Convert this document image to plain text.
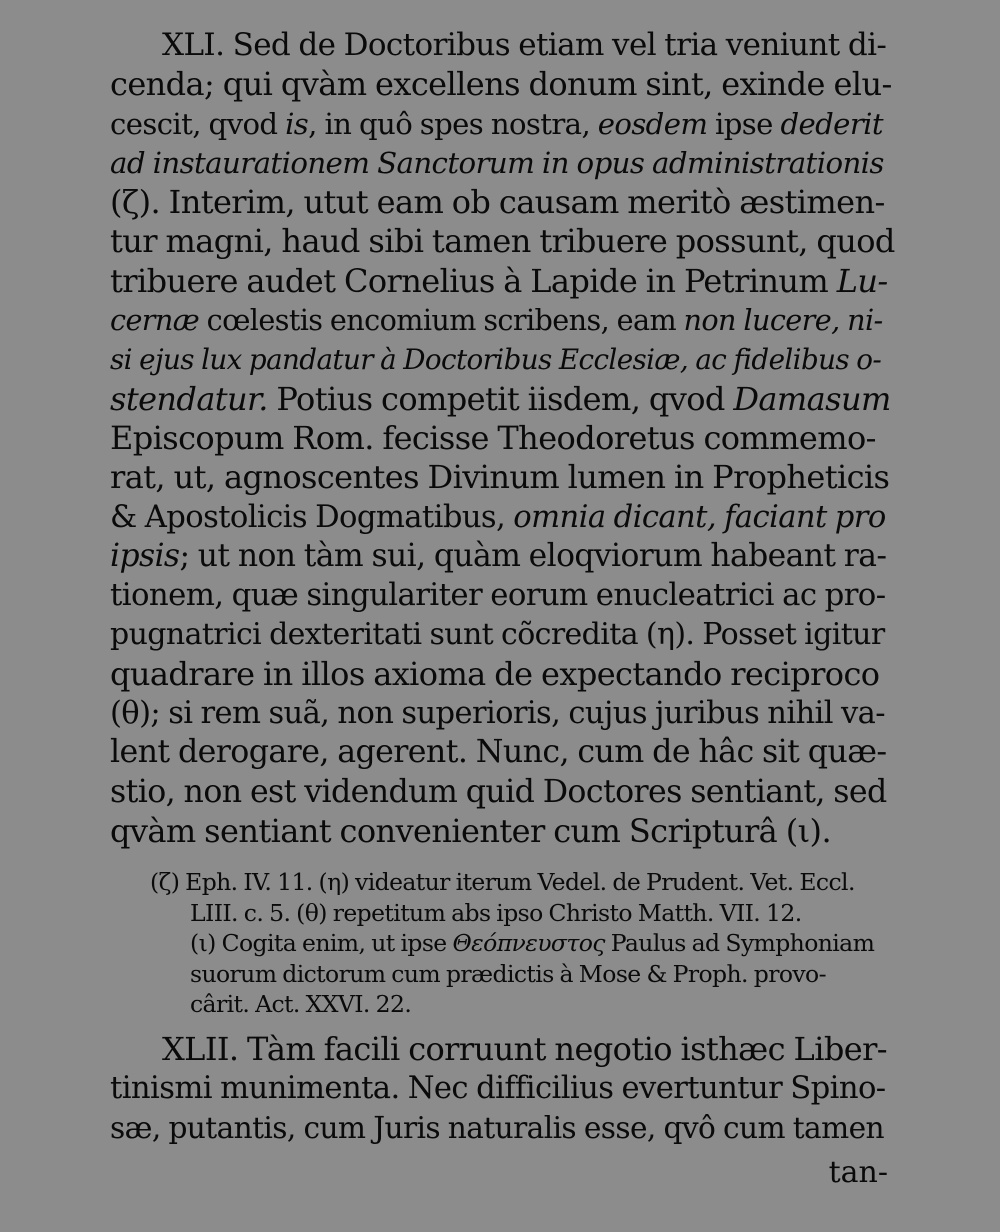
XLI. Sed de Doctoribus etiam vel tria veniunt di-
cenda; qui qvàm excellens donum sint, exinde elu-
cescit, qvod is, in quô spes nostra, eosdem ipse dederit
ad instaurationem Sanctorum in opus administrationis
(ζ). Interim, utut eam ob causam meritò æstimen-
tur magni, haud sibi tamen tribuere possunt, quod
tribuere audet Cornelius à Lapide in Petrinum Lu-
cernæ cœlestis encomium scribens, eam non lucere, ni-
si ejus lux pandatur à Doctoribus Ecclesiæ, ac fidelibus o-
stendatur. Potius competit iisdem, qvod Damasum
Episcopum Rom. fecisse Theodoretus commemo-
rat, ut, agnoscentes Divinum lumen in Propheticis
& Apostolicis Dogmatibus, omnia dicant, faciant pro
ipsis; ut non tàm sui, quàm eloqviorum habeant ra-
tionem, quæ singulariter eorum enucleatrici ac pro-
pugnatrici dexteritati sunt cõcredita (η). Posset igitur
quadrare in illos axioma de expectando reciproco
(θ); si rem suã, non superioris, cujus juribus nihil va-
lent derogare, agerent. Nunc, cum de hâc sit quæ-
stio, non est videndum quid Doctores sentiant, sed
qvàm sentiant convenienter cum Scripturâ (ι).
(ζ) Eph. IV. 11. (η) videatur iterum Vedel. de Prudent. Vet. Eccl.
LIII. c. 5. (θ) repetitum abs ipso Christo Matth. VII. 12.
(ι) Cogita enim, ut ipse Θεόπνευστος Paulus ad Symphoniam
suorum dictorum cum prædictis à Mose & Proph. provo-
cârit. Act. XXVI. 22.
XLII. Tàm facili corruunt negotio isthæc Liber-
tinismi munimenta. Nec difficilius evertuntur Spino-
sæ, putantis, cum Juris naturalis esse, qvô cum tamen
tan-
